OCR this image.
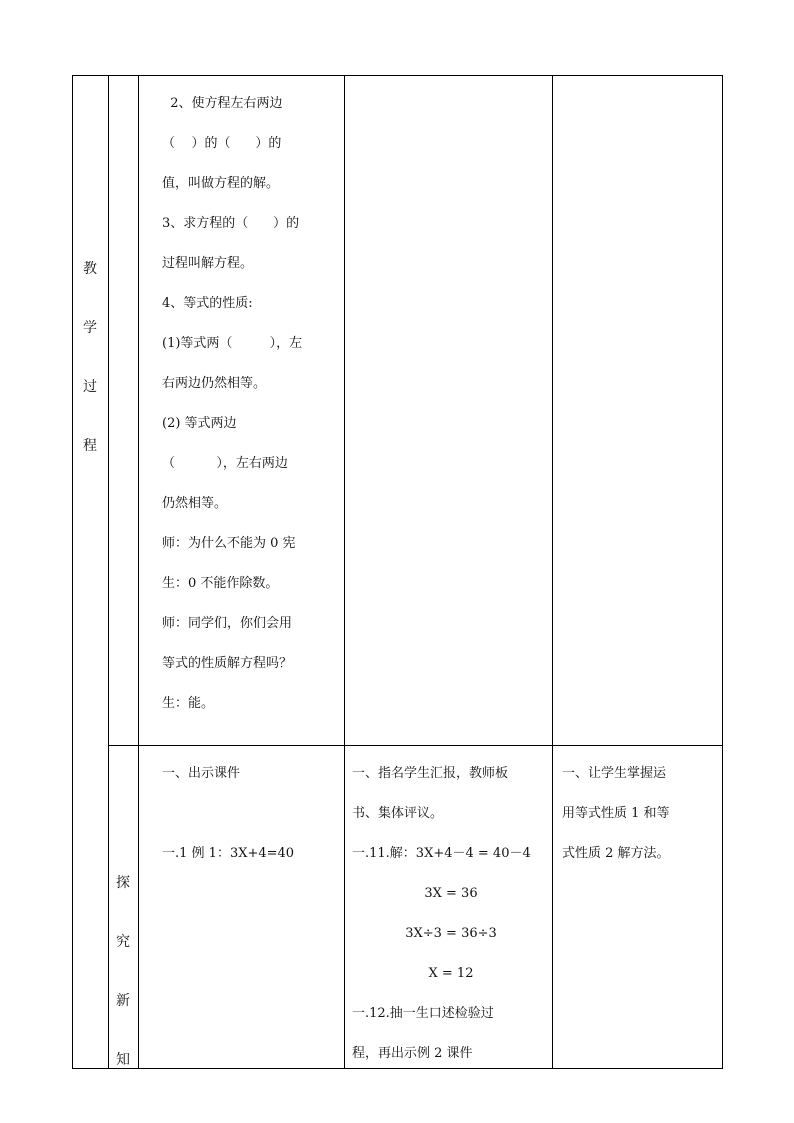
教
学
过
程
2、使方程左右两边
（    ）的（      ）的
值，叫做方程的解。
3、求方程的（      ）的
过程叫解方程。
4、等式的性质:
(1)等式两（         ），左
右两边仍然相等。
(2) 等式两边
（          ），左右两边
仍然相等。
师：为什么不能为 0 宪
生：0 不能作除数。
师：同学们，你们会用
等式的性质解方程吗？
生：能。
探
究
新
知
一、出示课件
一.1 例 1：3X+4=40
一、指名学生汇报，教师板
书、集体评议。
一.11.解：3X+4－4 = 40－4
3X = 36
3X÷3 = 36÷3
X = 12
一.12.抽一生口述检验过
程，再出示例 2 课件
一、让学生掌握运
用等式性质 1 和等
式性质 2 解方法。
